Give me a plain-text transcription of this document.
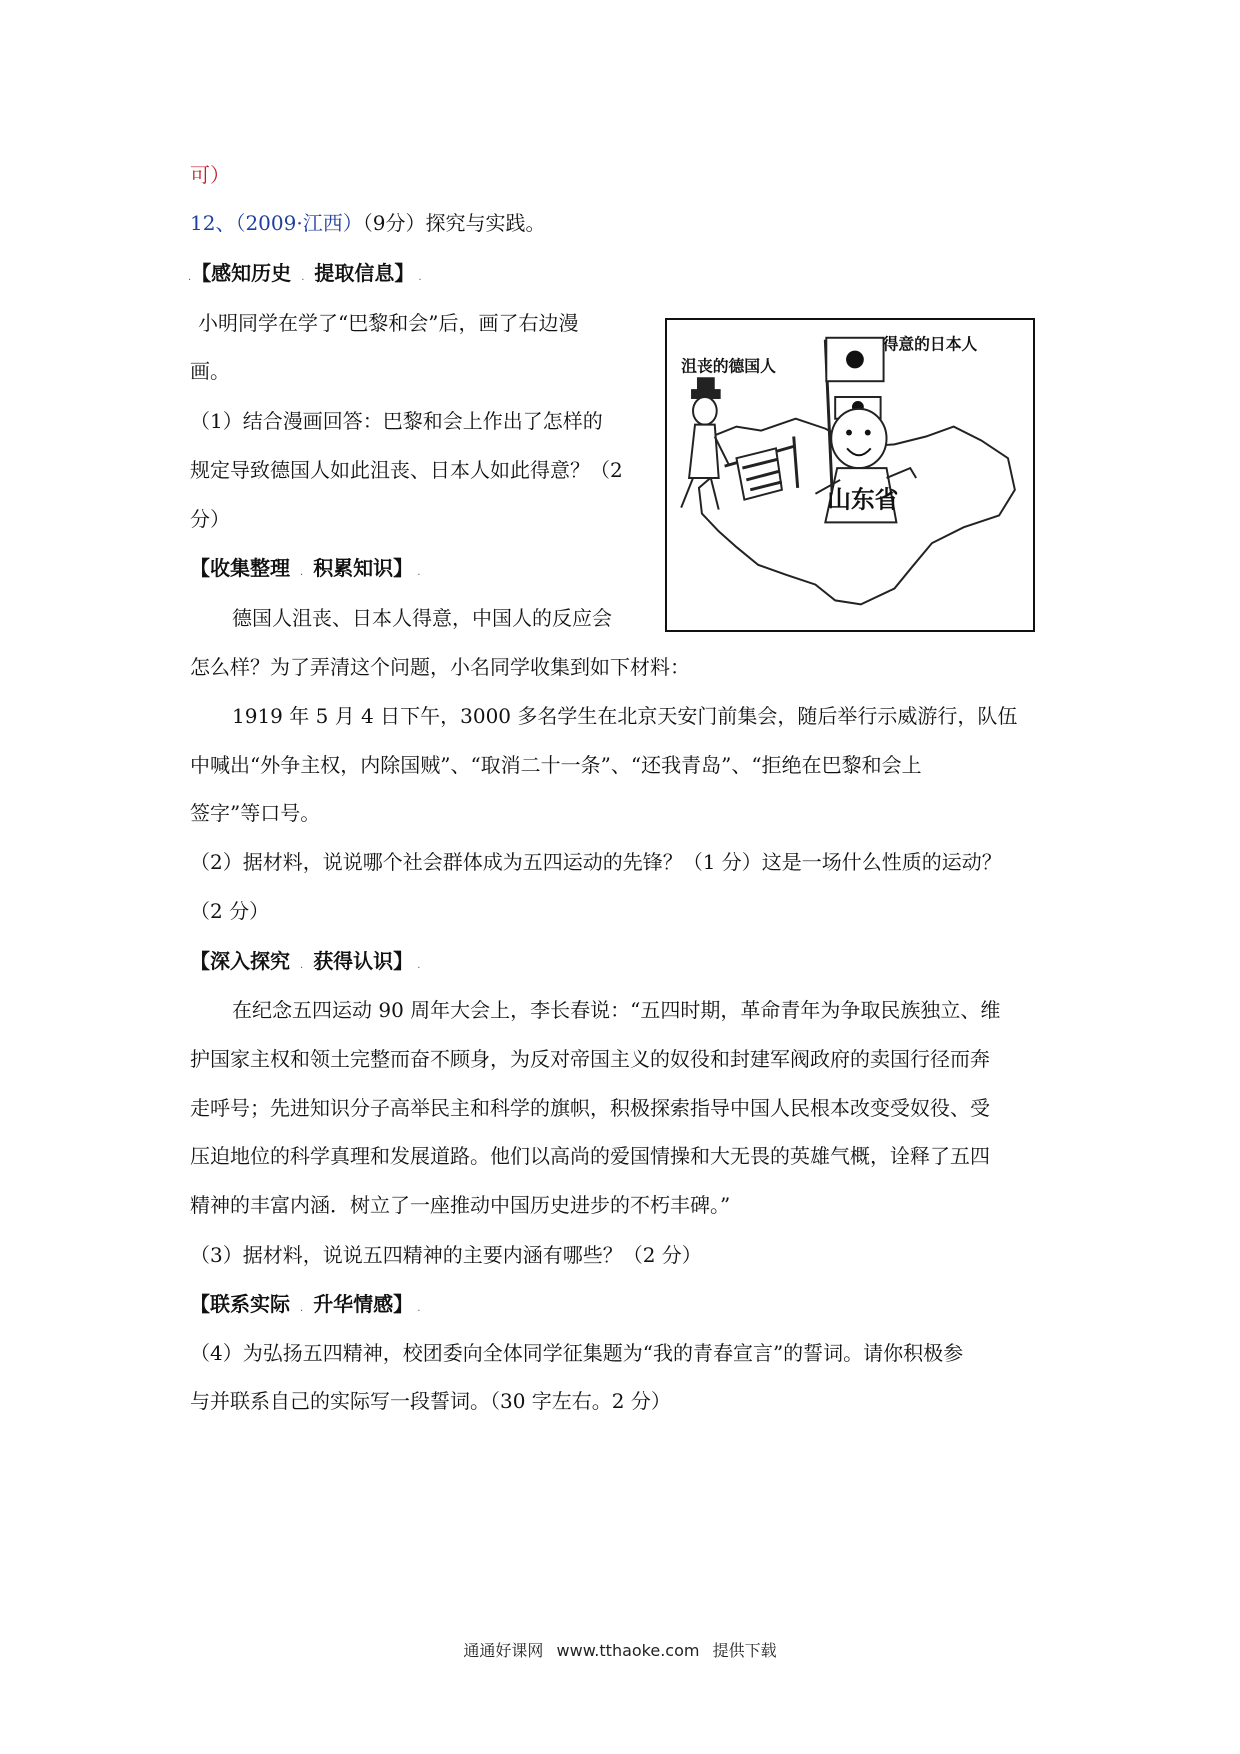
可）
12、（2009·江西）（9分）探究与实践。
.【感知历史 . 提取信息】 .
小明同学在学了“巴黎和会”后，画了右边漫
画。
（1）结合漫画回答：巴黎和会上作出了怎样的
规定导致德国人如此沮丧、日本人如此得意？（2
分）
【收集整理 . 积累知识】 .
德国人沮丧、日本人得意，中国人的反应会
怎么样？为了弄清这个问题，小名同学收集到如下材料：
1919 年 5 月 4 日下午，3000 多名学生在北京天安门前集会，随后举行示威游行，队伍
中喊出“外争主权，内除国贼”、“取消二十一条”、“还我青岛”、“拒绝在巴黎和会上
签字”等口号。
（2）据材料，说说哪个社会群体成为五四运动的先锋？（1 分）这是一场什么性质的运动？
（2 分）
【深入探究 . 获得认识】 .
在纪念五四运动 90 周年大会上，李长春说：“五四时期，革命青年为争取民族独立、维
护国家主权和领土完整而奋不顾身，为反对帝国主义的奴役和封建军阀政府的卖国行径而奔
走呼号；先进知识分子高举民主和科学的旗帜，积极探索指导中国人民根本改变受奴役、受
压迫地位的科学真理和发展道路。他们以高尚的爱国情操和大无畏的英雄气概，诠释了五四
精神的丰富内涵．树立了一座推动中国历史进步的不朽丰碑。”
（3）据材料，说说五四精神的主要内涵有哪些？（2 分）
【联系实际 . 升华情感】 .
（4）为弘扬五四精神，校团委向全体同学征集题为“我的青春宣言”的誓词。请你积极参
与并联系自己的实际写一段誓词。（30 字左右。2 分）
沮丧的德国人
得意的日本人
山东省
通通好课网 www.tthaoke.com 提供下载
